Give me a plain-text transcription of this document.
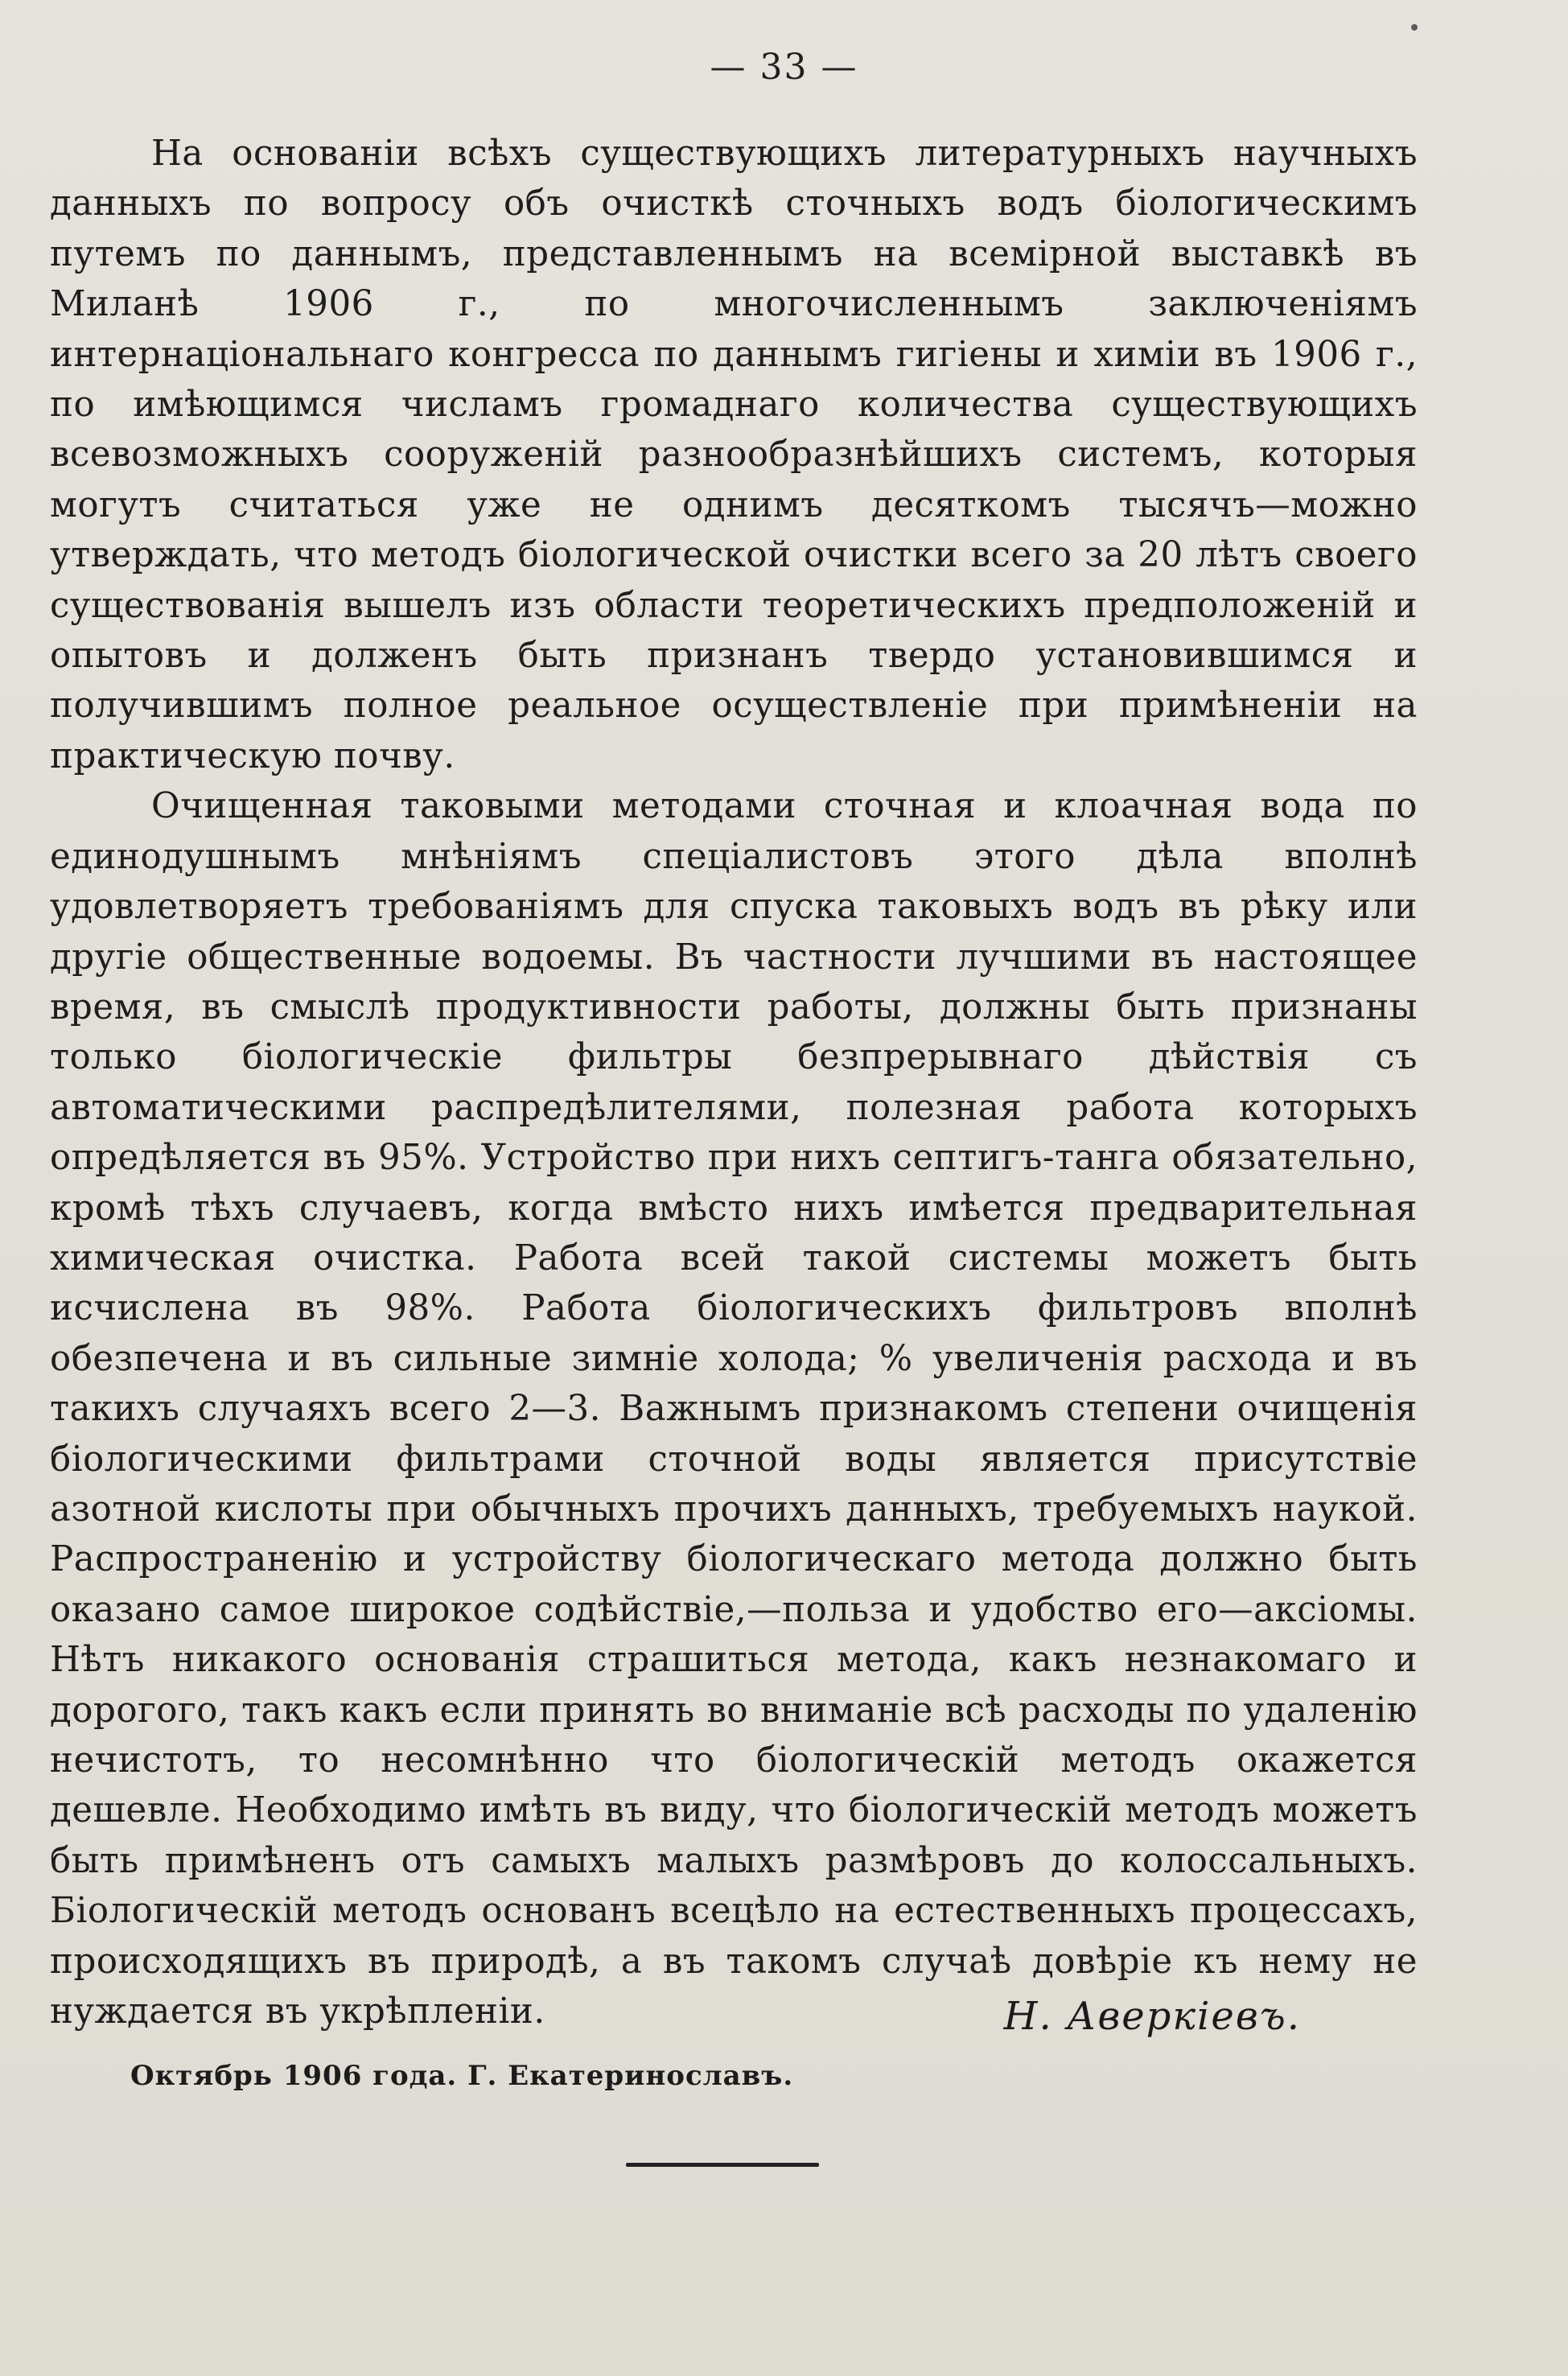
— 33 —

На основанiи всѣхъ существующихъ литературныхъ научныхъ данныхъ по вопросу объ очисткѣ сточныхъ водъ бiологическимъ путемъ по даннымъ, представленнымъ на всемiрной выставкѣ въ Миланѣ 1906 г., по многочисленнымъ заключенiямъ интернацiональнаго конгресса по даннымъ гигiены и химiи въ 1906 г., по имѣющимся числамъ громаднаго количества существующихъ всевозможныхъ сооруженiй разнообразнѣйшихъ системъ, которыя могутъ считаться уже не однимъ десяткомъ тысячъ—можно утверждать, что методъ бiологической очистки всего за 20 лѣтъ своего существованiя вышелъ изъ области теоретическихъ предположенiй и опытовъ и долженъ быть признанъ твердо установившимся и получившимъ полное реальное осуществленiе при примѣненiи на практическую почву.

Очищенная таковыми методами сточная и клоачная вода по единодушнымъ мнѣнiямъ спецiалистовъ этого дѣла вполнѣ удовлетворяетъ требованiямъ для спуска таковыхъ водъ въ рѣку или другiе общественные водоемы. Въ частности лучшими въ настоящее время, въ смыслѣ продуктивности работы, должны быть признаны только бiологическiе фильтры безпрерывнаго дѣйствiя съ автоматическими распредѣлителями, полезная работа которыхъ опредѣляется въ 95%. Устройство при нихъ септигъ-танга обязательно, кромѣ тѣхъ случаевъ, когда вмѣсто нихъ имѣется предварительная химическая очистка. Работа всей такой системы можетъ быть исчислена въ 98%. Работа бiологическихъ фильтровъ вполнѣ обезпечена и въ сильные зимнiе холода; % увеличенiя расхода и въ такихъ случаяхъ всего 2—3. Важнымъ признакомъ степени очищенiя бiологическими фильтрами сточной воды является присутствiе азотной кислоты при обычныхъ прочихъ данныхъ, требуемыхъ наукой. Распространенiю и устройству бiологическаго метода должно быть оказано самое широкое содѣйствiе,—польза и удобство его—аксiомы. Нѣтъ никакого основанiя страшиться метода, какъ незнакомаго и дорогого, такъ какъ если принять во вниманiе всѣ расходы по удаленiю нечистотъ, то несомнѣнно что бiологическiй методъ окажется дешевле. Необходимо имѣть въ виду, что бiологическiй методъ можетъ быть примѣненъ отъ самыхъ малыхъ размѣровъ до колоссальныхъ. Бiологическiй методъ основанъ всецѣло на естественныхъ процессахъ, происходящихъ въ природѣ, а въ такомъ случаѣ довѣрiе къ нему не нуждается въ укрѣпленiи.	Н. Аверкiевъ.
Октябрь 1906 года. Г. Екатеринославъ.
